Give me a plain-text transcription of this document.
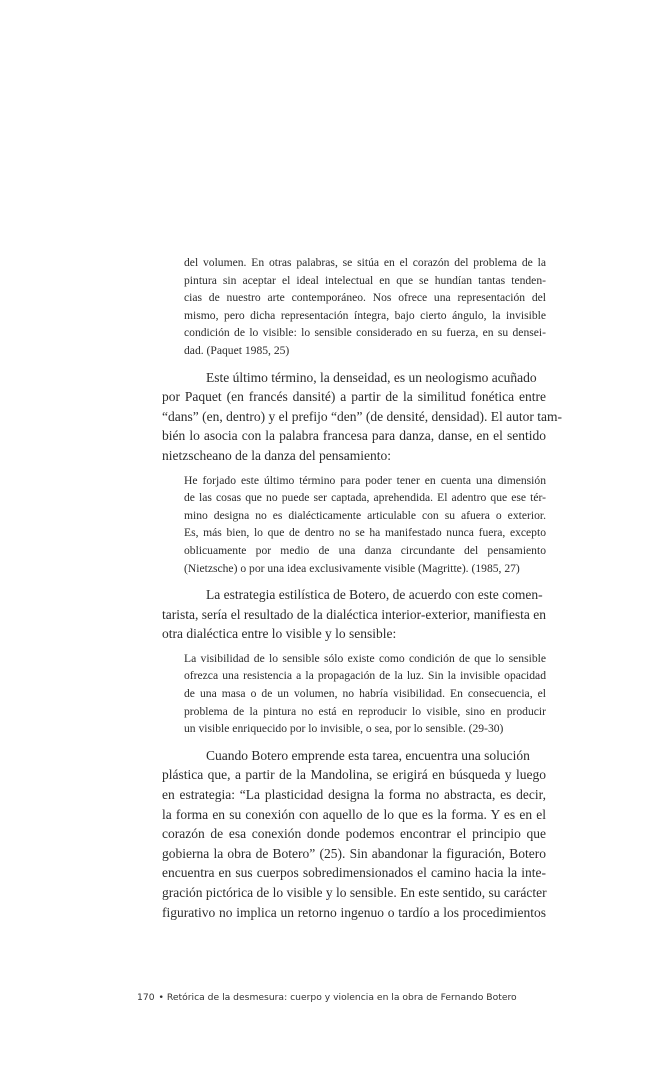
del volumen. En otras palabras, se sitúa en el corazón del problema de la
pintura sin aceptar el ideal intelectual en que se hundían tantas tenden-
cias de nuestro arte contemporáneo. Nos ofrece una representación del
mismo, pero dicha representación íntegra, bajo cierto ángulo, la invisible
condición de lo visible: lo sensible considerado en su fuerza, en su densei-
dad. (Paquet 1985, 25)
Este último término, la denseidad, es un neologismo acuñado
por Paquet (en francés dansité) a partir de la similitud fonética entre
“dans” (en, dentro) y el prefijo “den” (de densité, densidad). El autor tam-
bién lo asocia con la palabra francesa para danza, danse, en el sentido
nietzscheano de la danza del pensamiento:
He forjado este último término para poder tener en cuenta una dimensión
de las cosas que no puede ser captada, aprehendida. El adentro que ese tér-
mino designa no es dialécticamente articulable con su afuera o exterior.
Es, más bien, lo que de dentro no se ha manifestado nunca fuera, excepto
oblicuamente por medio de una danza circundante del pensamiento
(Nietzsche) o por una idea exclusivamente visible (Magritte). (1985, 27)
La estrategia estilística de Botero, de acuerdo con este comen-
tarista, sería el resultado de la dialéctica interior-exterior, manifiesta en
otra dialéctica entre lo visible y lo sensible:
La visibilidad de lo sensible sólo existe como condición de que lo sensible
ofrezca una resistencia a la propagación de la luz. Sin la invisible opacidad
de una masa o de un volumen, no habría visibilidad. En consecuencia, el
problema de la pintura no está en reproducir lo visible, sino en producir
un visible enriquecido por lo invisible, o sea, por lo sensible. (29-30)
Cuando Botero emprende esta tarea, encuentra una solución
plástica que, a partir de la Mandolina, se erigirá en búsqueda y luego
en estrategia: “La plasticidad designa la forma no abstracta, es decir,
la forma en su conexión con aquello de lo que es la forma. Y es en el
corazón de esa conexión donde podemos encontrar el principio que
gobierna la obra de Botero” (25). Sin abandonar la figuración, Botero
encuentra en sus cuerpos sobredimensionados el camino hacia la inte-
gración pictórica de lo visible y lo sensible. En este sentido, su carácter
figurativo no implica un retorno ingenuo o tardío a los procedimientos
170 • Retórica de la desmesura: cuerpo y violencia en la obra de Fernando Botero
